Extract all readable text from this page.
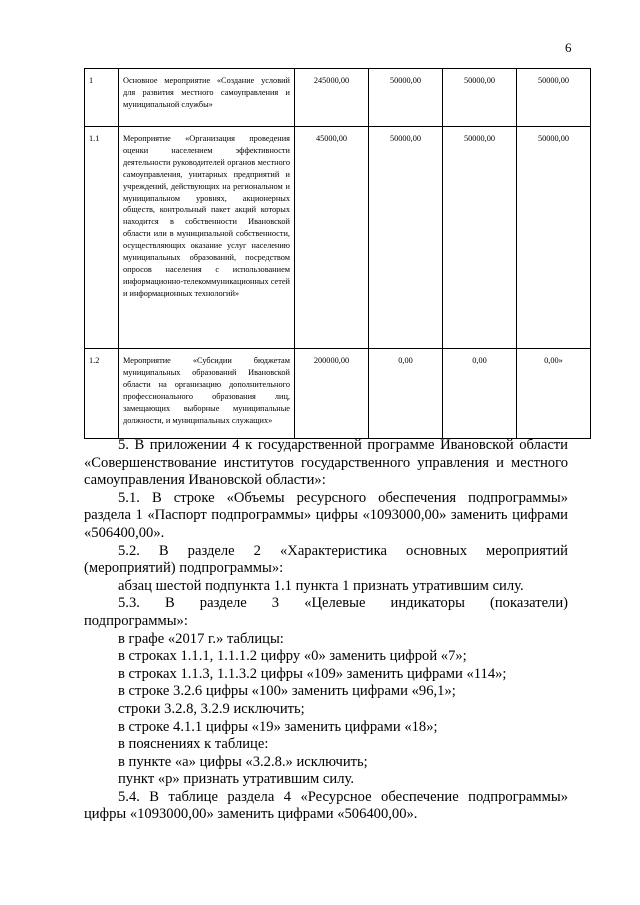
6
1	Основное мероприятие «Создание условий для развития местного самоуправления и муниципальной службы»	245000,00	50000,00	50000,00	50000,00
1.1	Мероприятие «Организация проведения оценки населением эффективности деятельности руководителей органов местного самоуправления, унитарных предприятий и учреждений, действующих на региональном и муниципальном уровнях, акционерных обществ, контрольный пакет акций которых находится в собственности Ивановской области или в муниципальной собственности, осуществляющих оказание услуг населению муниципальных образований, посредством опросов населения с использованием информационно-телекоммуникационных сетей и информационных технологий»	45000,00	50000,00	50000,00	50000,00
1.2	Мероприятие «Субсидии бюджетам муниципальных образований Ивановской области на организацию дополнительного профессионального образования лиц, замещающих выборные муниципальные должности, и муниципальных служащих»	200000,00	0,00	0,00	0,00»

5. В приложении 4 к государственной программе Ивановской области «Совершенствование институтов государственного управления и местного самоуправления Ивановской области»:

5.1. В строке «Объемы ресурсного обеспечения подпрограммы» раздела 1 «Паспорт подпрограммы» цифры «1093000,00» заменить цифрами «506400,00».

5.2. В разделе 2 «Характеристика основных мероприятий (мероприятий) подпрограммы»:

абзац шестой подпункта 1.1 пункта 1 признать утратившим силу.

5.3. В разделе 3 «Целевые индикаторы (показатели)

подпрограммы»:

в графе «2017 г.» таблицы:

в строках 1.1.1, 1.1.1.2 цифру «0» заменить цифрой «7»;

в строках 1.1.3, 1.1.3.2 цифры «109» заменить цифрами «114»;

в строке 3.2.6 цифры «100» заменить цифрами «96,1»;

строки 3.2.8, 3.2.9 исключить;

в строке 4.1.1 цифры «19» заменить цифрами «18»;

в пояснениях к таблице:

в пункте «а» цифры «3.2.8.» исключить;

пункт «р» признать утратившим силу.

5.4. В таблице раздела 4 «Ресурсное обеспечение подпрограммы» цифры «1093000,00» заменить цифрами «506400,00».
